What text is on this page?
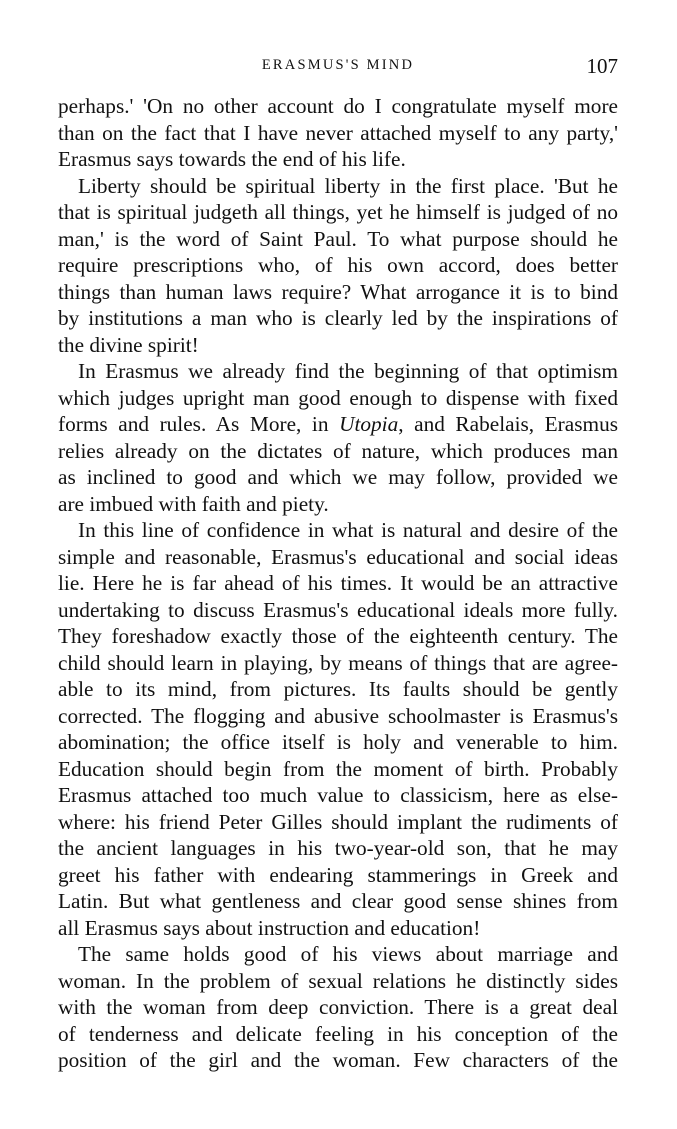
ERASMUS'S MIND	107
perhaps.' 'On no other account do I congratulate myself more
than on the fact that I have never attached myself to any party,'
Erasmus says towards the end of his life.
Liberty should be spiritual liberty in the first place. 'But he
that is spiritual judgeth all things, yet he himself is judged of no
man,' is the word of Saint Paul. To what purpose should he
require prescriptions who, of his own accord, does better
things than human laws require? What arrogance it is to bind
by institutions a man who is clearly led by the inspirations of
the divine spirit!
In Erasmus we already find the beginning of that optimism
which judges upright man good enough to dispense with fixed
forms and rules. As More, in Utopia, and Rabelais, Erasmus
relies already on the dictates of nature, which produces man
as inclined to good and which we may follow, provided we
are imbued with faith and piety.
In this line of confidence in what is natural and desire of the
simple and reasonable, Erasmus's educational and social ideas
lie. Here he is far ahead of his times. It would be an attractive
undertaking to discuss Erasmus's educational ideals more fully.
They foreshadow exactly those of the eighteenth century. The
child should learn in playing, by means of things that are agree-
able to its mind, from pictures. Its faults should be gently
corrected. The flogging and abusive schoolmaster is Erasmus's
abomination; the office itself is holy and venerable to him.
Education should begin from the moment of birth. Probably
Erasmus attached too much value to classicism, here as else-
where: his friend Peter Gilles should implant the rudiments of
the ancient languages in his two-year-old son, that he may
greet his father with endearing stammerings in Greek and
Latin. But what gentleness and clear good sense shines from
all Erasmus says about instruction and education!
The same holds good of his views about marriage and
woman. In the problem of sexual relations he distinctly sides
with the woman from deep conviction. There is a great deal
of tenderness and delicate feeling in his conception of the
position of the girl and the woman. Few characters of the
